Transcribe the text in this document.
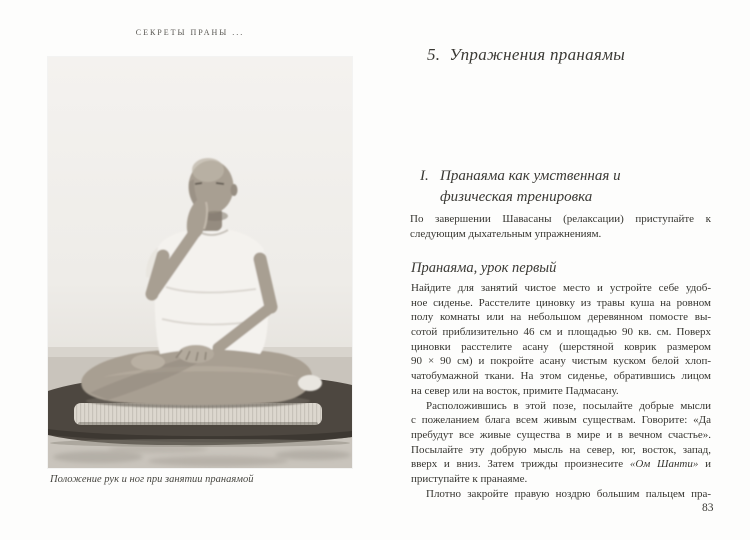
СЕКРЕТЫ ПРАНЫ ...
Положение рук и ног при занятии пранаямой
5. Упражнения пранаямы
I. Пранаяма как умственная и
физическая тренировка
По завершении Шавасаны (релаксации) приступайте к
следующим дыхательным упражнениям.
Пранаяма, урок первый
Найдите для занятий чистое место и устройте себе удоб-
ное сиденье. Расстелите циновку из травы куша на ровном
полу комнаты или на небольшом деревянном помосте вы-
сотой приблизительно 46 см и площадью 90 кв. см. Поверх
циновки расстелите асану (шерстяной коврик размером
90 × 90 см) и покройте асану чистым куском белой хлоп-
чатобумажной ткани. На этом сиденье, обратившись лицом
на север или на восток, примите Падмасану.
Расположившись в этой позе, посылайте добрые мысли
с пожеланием блага всем живым существам. Говорите: «Да
пребудут все живые существа в мире и в вечном счастье».
Посылайте эту добрую мысль на север, юг, восток, запад,
вверх и вниз. Затем трижды произнесите «Ом Шанти» и
приступайте к пранаяме.
Плотно закройте правую ноздрю большим пальцем пра-
83
